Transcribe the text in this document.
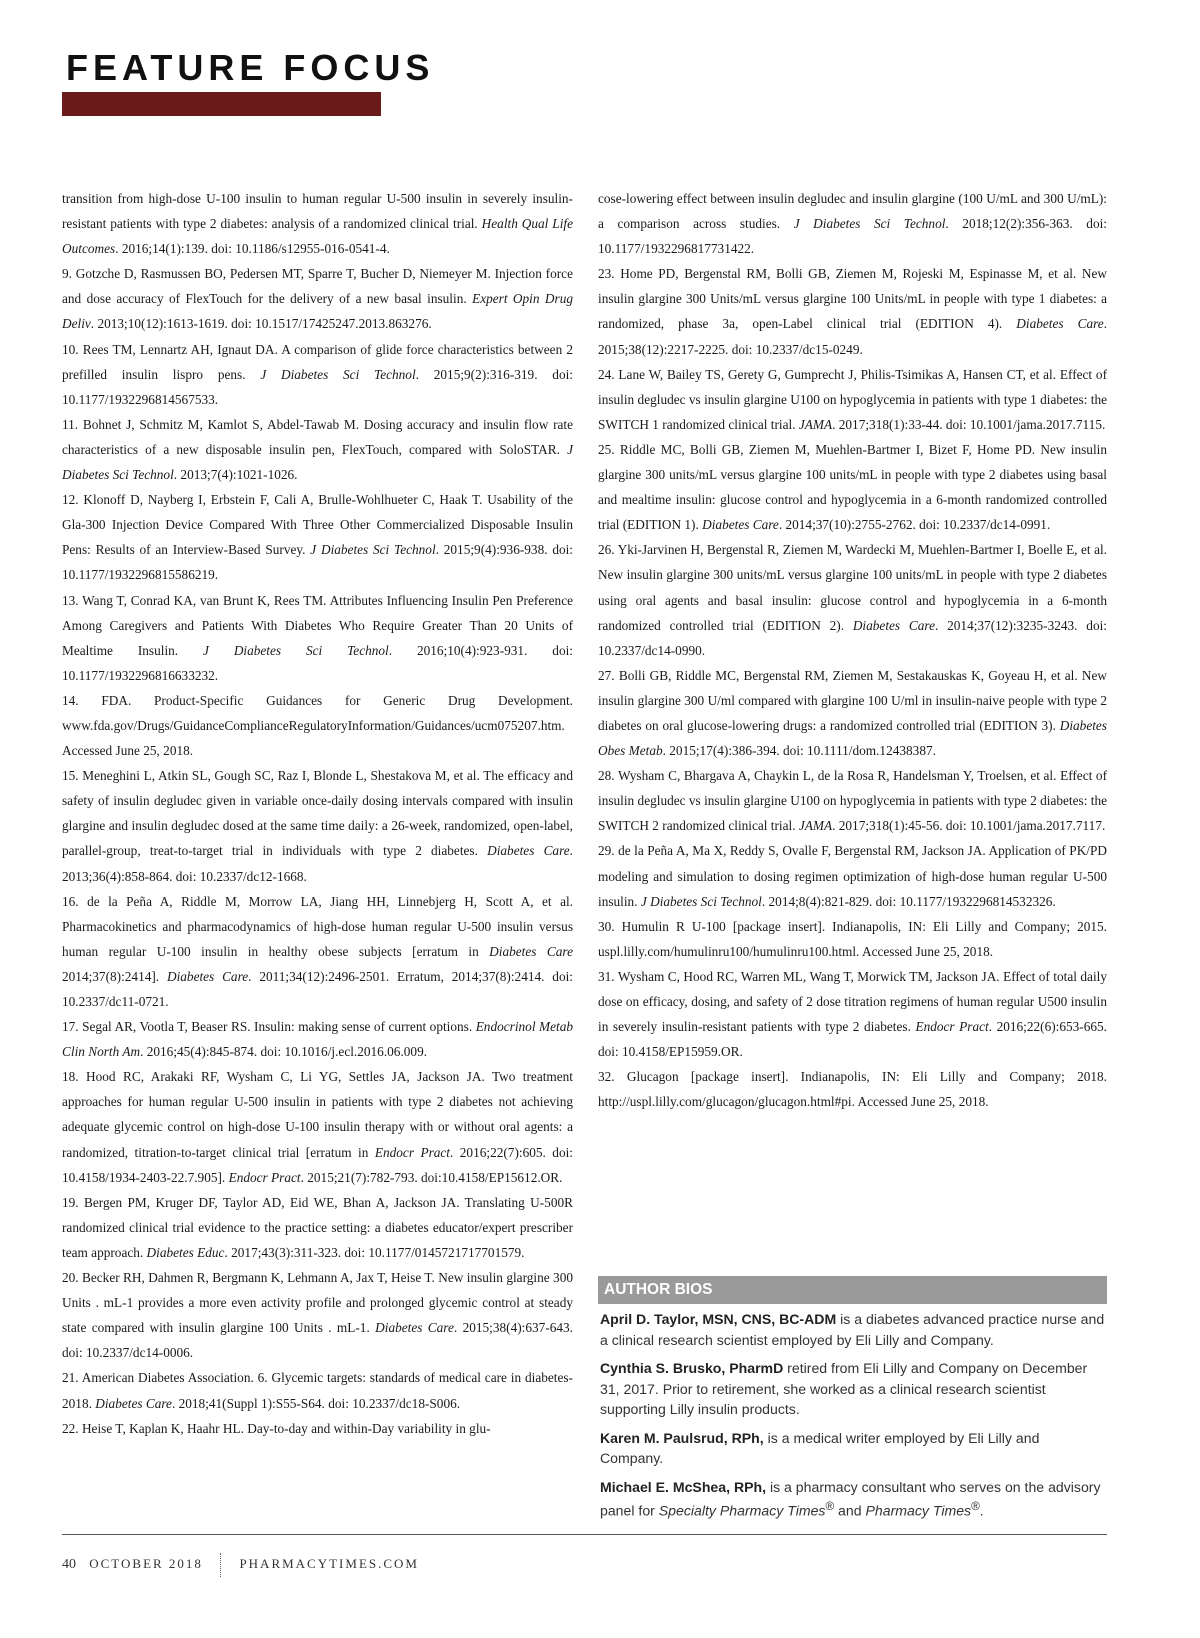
FEATURE FOCUS

transition from high-dose U-100 insulin to human regular U-500 insulin in severely insulin-resistant patients with type 2 diabetes: analysis of a randomized clinical trial. Health Qual Life Outcomes. 2016;14(1):139. doi: 10.1186/s12955-016-0541-4.

9. Gotzche D, Rasmussen BO, Pedersen MT, Sparre T, Bucher D, Niemeyer M. Injection force and dose accuracy of FlexTouch for the delivery of a new basal insulin. Expert Opin Drug Deliv. 2013;10(12):1613-1619. doi: 10.1517/17425247.2013.863276.

10. Rees TM, Lennartz AH, Ignaut DA. A comparison of glide force characteristics between 2 prefilled insulin lispro pens. J Diabetes Sci Technol. 2015;9(2):316-319. doi: 10.1177/1932296814567533.

11. Bohnet J, Schmitz M, Kamlot S, Abdel-Tawab M. Dosing accuracy and insulin flow rate characteristics of a new disposable insulin pen, FlexTouch, compared with SoloSTAR. J Diabetes Sci Technol. 2013;7(4):1021-1026.

12. Klonoff D, Nayberg I, Erbstein F, Cali A, Brulle-Wohlhueter C, Haak T. Usability of the Gla-300 Injection Device Compared With Three Other Commercialized Disposable Insulin Pens: Results of an Interview-Based Survey. J Diabetes Sci Technol. 2015;9(4):936-938. doi: 10.1177/1932296815586219.

13. Wang T, Conrad KA, van Brunt K, Rees TM. Attributes Influencing Insulin Pen Preference Among Caregivers and Patients With Diabetes Who Require Greater Than 20 Units of Mealtime Insulin. J Diabetes Sci Technol. 2016;10(4):923-931. doi: 10.1177/1932296816633232.

14. FDA. Product-Specific Guidances for Generic Drug Development. www.fda.gov/Drugs/GuidanceComplianceRegulatoryInformation/Guidances/ucm075207.htm. Accessed June 25, 2018.

15. Meneghini L, Atkin SL, Gough SC, Raz I, Blonde L, Shestakova M, et al. The efficacy and safety of insulin degludec given in variable once-daily dosing intervals compared with insulin glargine and insulin degludec dosed at the same time daily: a 26-week, randomized, open-label, parallel-group, treat-to-target trial in individuals with type 2 diabetes. Diabetes Care. 2013;36(4):858-864. doi: 10.2337/dc12-1668.

16. de la Peña A, Riddle M, Morrow LA, Jiang HH, Linnebjerg H, Scott A, et al. Pharmacokinetics and pharmacodynamics of high-dose human regular U-500 insulin versus human regular U-100 insulin in healthy obese subjects [erratum in Diabetes Care 2014;37(8):2414]. Diabetes Care. 2011;34(12):2496-2501. Erratum, 2014;37(8):2414. doi: 10.2337/dc11-0721.

17. Segal AR, Vootla T, Beaser RS. Insulin: making sense of current options. Endocrinol Metab Clin North Am. 2016;45(4):845-874. doi: 10.1016/j.ecl.2016.06.009.

18. Hood RC, Arakaki RF, Wysham C, Li YG, Settles JA, Jackson JA. Two treatment approaches for human regular U-500 insulin in patients with type 2 diabetes not achieving adequate glycemic control on high-dose U-100 insulin therapy with or without oral agents: a randomized, titration-to-target clinical trial [erratum in Endocr Pract. 2016;22(7):605. doi: 10.4158/1934-2403-22.7.905]. Endocr Pract. 2015;21(7):782-793. doi:10.4158/EP15612.OR.

19. Bergen PM, Kruger DF, Taylor AD, Eid WE, Bhan A, Jackson JA. Translating U-500R randomized clinical trial evidence to the practice setting: a diabetes educator/expert prescriber team approach. Diabetes Educ. 2017;43(3):311-323. doi: 10.1177/0145721717701579.

20. Becker RH, Dahmen R, Bergmann K, Lehmann A, Jax T, Heise T. New insulin glargine 300 Units . mL-1 provides a more even activity profile and prolonged glycemic control at steady state compared with insulin glargine 100 Units . mL-1. Diabetes Care. 2015;38(4):637-643. doi: 10.2337/dc14-0006.

21. American Diabetes Association. 6. Glycemic targets: standards of medical care in diabetes-2018. Diabetes Care. 2018;41(Suppl 1):S55-S64. doi: 10.2337/dc18-S006.

22. Heise T, Kaplan K, Haahr HL. Day-to-day and within-Day variability in glu-

cose-lowering effect between insulin degludec and insulin glargine (100 U/mL and 300 U/mL): a comparison across studies. J Diabetes Sci Technol. 2018;12(2):356-363. doi: 10.1177/1932296817731422.

23. Home PD, Bergenstal RM, Bolli GB, Ziemen M, Rojeski M, Espinasse M, et al. New insulin glargine 300 Units/mL versus glargine 100 Units/mL in people with type 1 diabetes: a randomized, phase 3a, open-Label clinical trial (EDITION 4). Diabetes Care. 2015;38(12):2217-2225. doi: 10.2337/dc15-0249.

24. Lane W, Bailey TS, Gerety G, Gumprecht J, Philis-Tsimikas A, Hansen CT, et al. Effect of insulin degludec vs insulin glargine U100 on hypoglycemia in patients with type 1 diabetes: the SWITCH 1 randomized clinical trial. JAMA. 2017;318(1):33-44. doi: 10.1001/jama.2017.7115.

25. Riddle MC, Bolli GB, Ziemen M, Muehlen-Bartmer I, Bizet F, Home PD. New insulin glargine 300 units/mL versus glargine 100 units/mL in people with type 2 diabetes using basal and mealtime insulin: glucose control and hypoglycemia in a 6-month randomized controlled trial (EDITION 1). Diabetes Care. 2014;37(10):2755-2762. doi: 10.2337/dc14-0991.

26. Yki-Jarvinen H, Bergenstal R, Ziemen M, Wardecki M, Muehlen-Bartmer I, Boelle E, et al. New insulin glargine 300 units/mL versus glargine 100 units/mL in people with type 2 diabetes using oral agents and basal insulin: glucose control and hypoglycemia in a 6-month randomized controlled trial (EDITION 2). Diabetes Care. 2014;37(12):3235-3243. doi: 10.2337/dc14-0990.

27. Bolli GB, Riddle MC, Bergenstal RM, Ziemen M, Sestakauskas K, Goyeau H, et al. New insulin glargine 300 U/ml compared with glargine 100 U/ml in insulin-naive people with type 2 diabetes on oral glucose-lowering drugs: a randomized controlled trial (EDITION 3). Diabetes Obes Metab. 2015;17(4):386-394. doi: 10.1111/dom.12438387.

28. Wysham C, Bhargava A, Chaykin L, de la Rosa R, Handelsman Y, Troelsen, et al. Effect of insulin degludec vs insulin glargine U100 on hypoglycemia in patients with type 2 diabetes: the SWITCH 2 randomized clinical trial. JAMA. 2017;318(1):45-56. doi: 10.1001/jama.2017.7117.

29. de la Peña A, Ma X, Reddy S, Ovalle F, Bergenstal RM, Jackson JA. Application of PK/PD modeling and simulation to dosing regimen optimization of high-dose human regular U-500 insulin. J Diabetes Sci Technol. 2014;8(4):821-829. doi: 10.1177/1932296814532326.

30. Humulin R U-100 [package insert]. Indianapolis, IN: Eli Lilly and Company; 2015. uspl.lilly.com/humulinru100/humulinru100.html. Accessed June 25, 2018.

31. Wysham C, Hood RC, Warren ML, Wang T, Morwick TM, Jackson JA. Effect of total daily dose on efficacy, dosing, and safety of 2 dose titration regimens of human regular U500 insulin in severely insulin-resistant patients with type 2 diabetes. Endocr Pract. 2016;22(6):653-665. doi: 10.4158/EP15959.OR.

32. Glucagon [package insert]. Indianapolis, IN: Eli Lilly and Company; 2018. http://uspl.lilly.com/glucagon/glucagon.html#pi. Accessed June 25, 2018.

AUTHOR BIOS

April D. Taylor, MSN, CNS, BC-ADM is a diabetes advanced practice nurse and a clinical research scientist employed by Eli Lilly and Company.

Cynthia S. Brusko, PharmD retired from Eli Lilly and Company on December 31, 2017. Prior to retirement, she worked as a clinical research scientist supporting Lilly insulin products.

Karen M. Paulsrud, RPh, is a medical writer employed by Eli Lilly and Company.

Michael E. McShea, RPh, is a pharmacy consultant who serves on the advisory panel for Specialty Pharmacy Times® and Pharmacy Times®.

40 OCTOBER 2018	PHARMACYTIMES.COM
